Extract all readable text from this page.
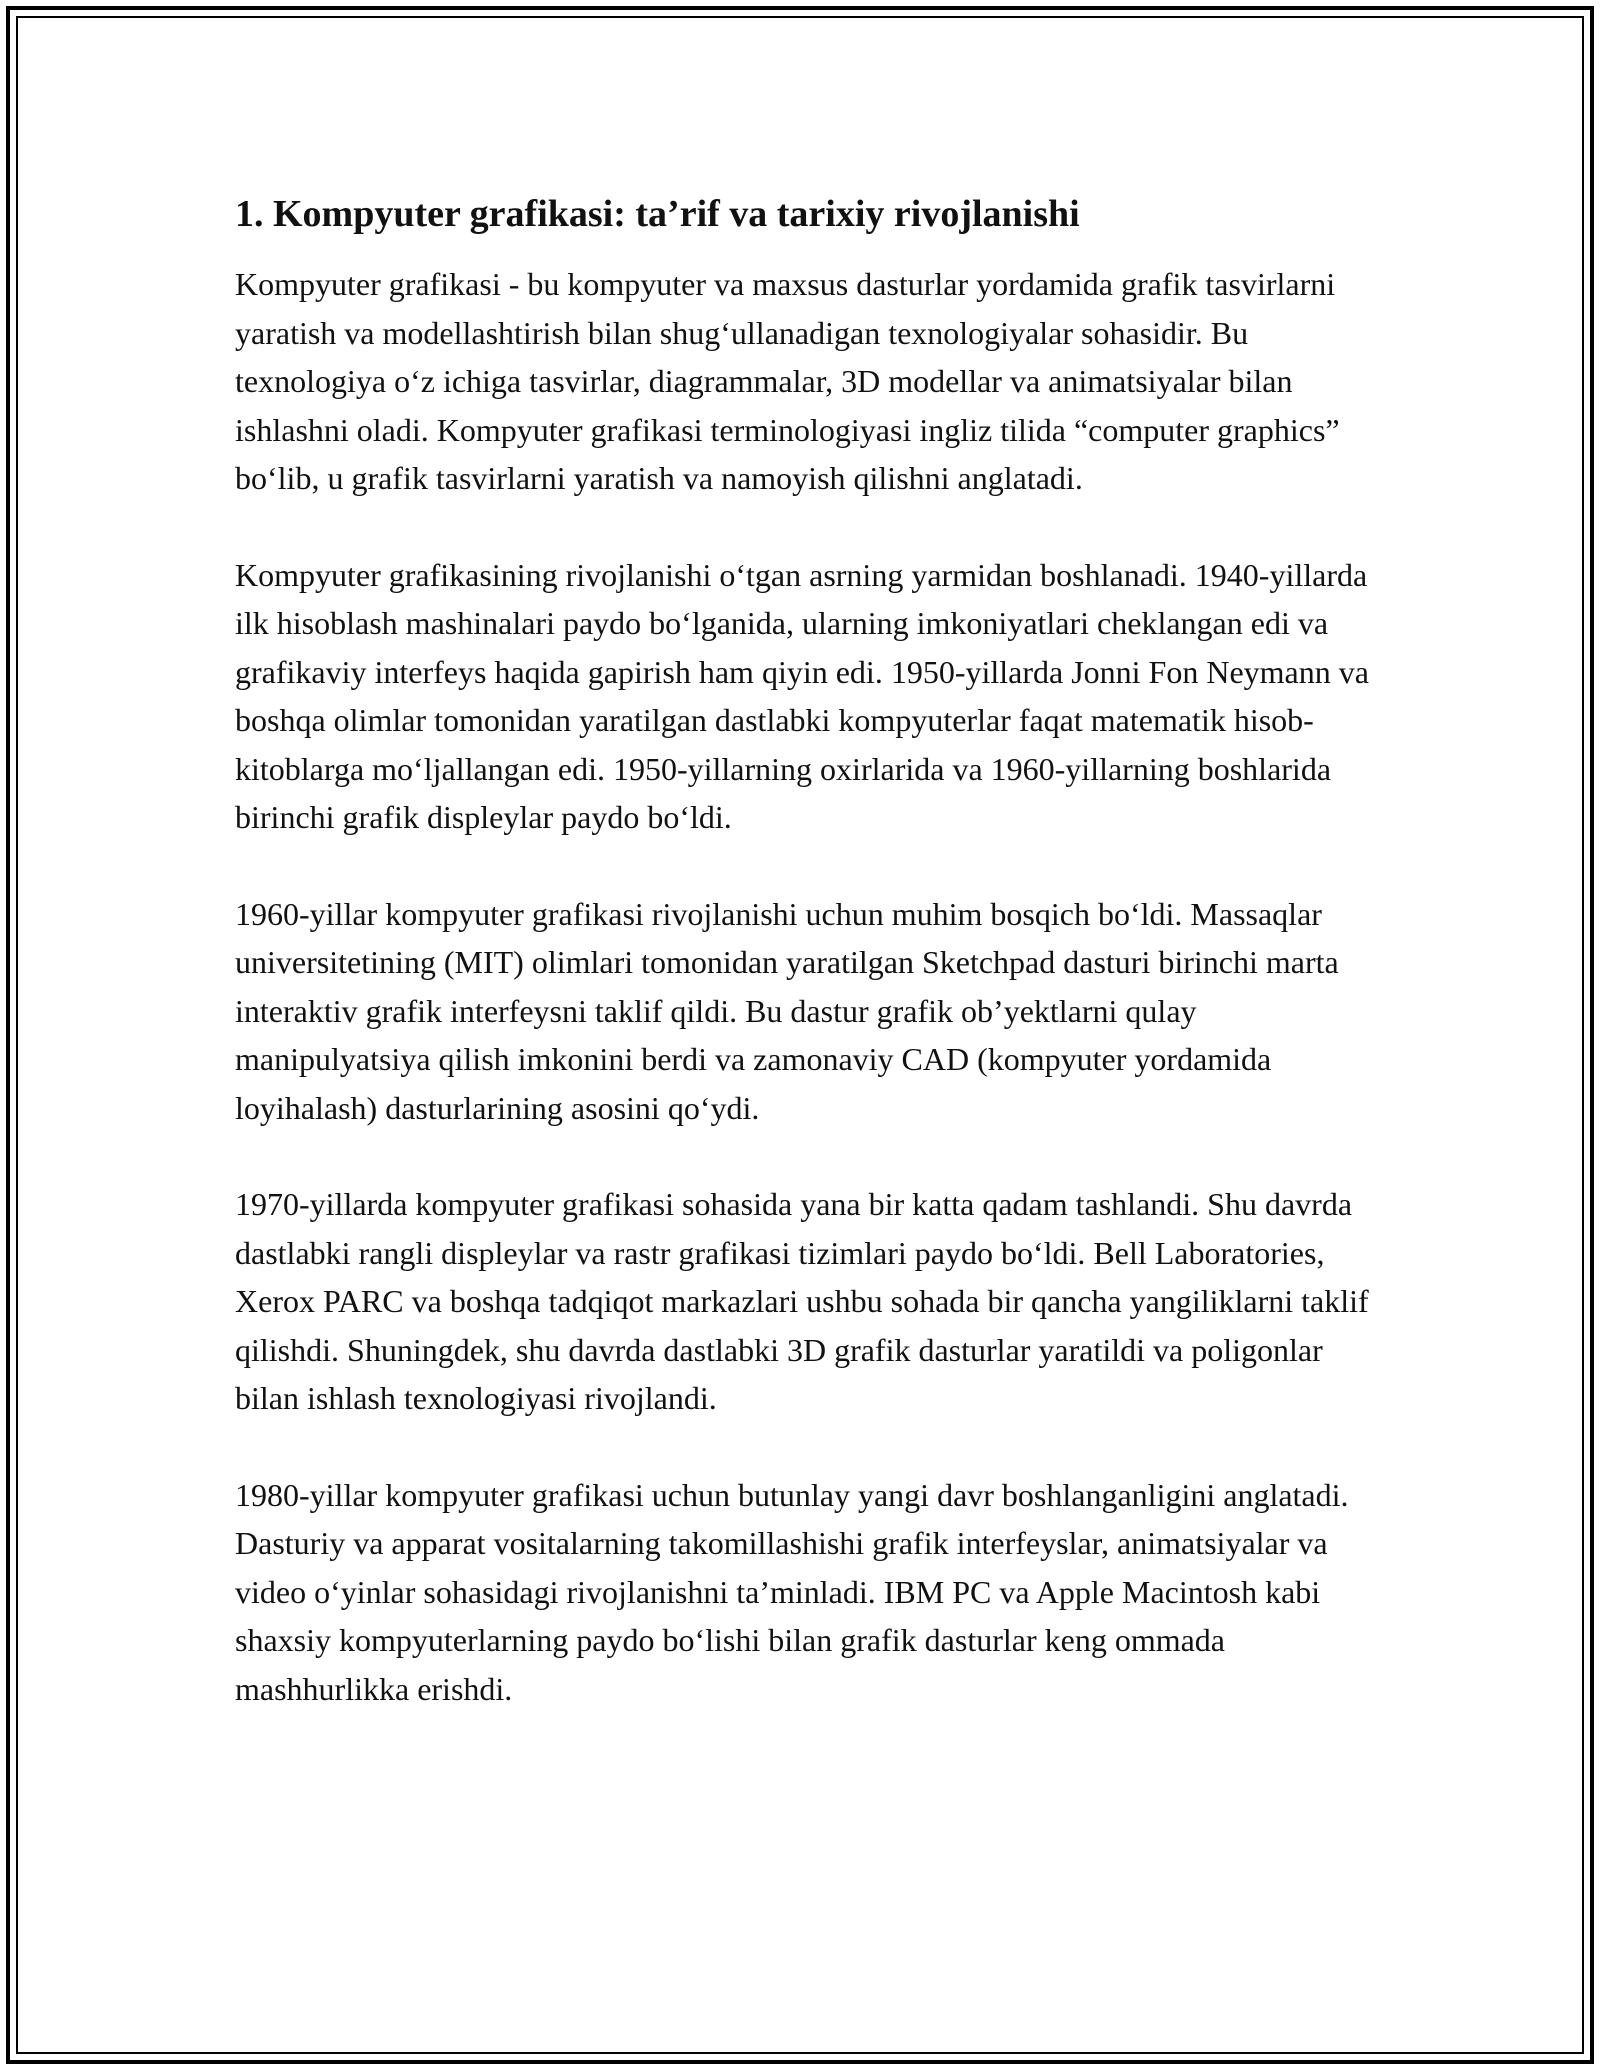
1. Kompyuter grafikasi: ta’rif va tarixiy rivojlanishi

Kompyuter grafikasi - bu kompyuter va maxsus dasturlar yordamida grafik tasvirlarni yaratish va modellashtirish bilan shug‘ullanadigan texnologiyalar sohasidir. Bu texnologiya o‘z ichiga tasvirlar, diagrammalar, 3D modellar va animatsiyalar bilan ishlashni oladi. Kompyuter grafikasi terminologiyasi ingliz tilida “computer graphics” bo‘lib, u grafik tasvirlarni yaratish va namoyish qilishni anglatadi.

Kompyuter grafikasining rivojlanishi o‘tgan asrning yarmidan boshlanadi. 1940-yillarda ilk hisoblash mashinalari paydo bo‘lganida, ularning imkoniyatlari cheklangan edi va grafikaviy interfeys haqida gapirish ham qiyin edi. 1950-yillarda Jonni Fon Neymann va boshqa olimlar tomonidan yaratilgan dastlabki kompyuterlar faqat matematik hisob-kitoblarga mo‘ljallangan edi. 1950-yillarning oxirlarida va 1960-yillarning boshlarida birinchi grafik displeylar paydo bo‘ldi.

1960-yillar kompyuter grafikasi rivojlanishi uchun muhim bosqich bo‘ldi. Massaqlar universitetining (MIT) olimlari tomonidan yaratilgan Sketchpad dasturi birinchi marta interaktiv grafik interfeysni taklif qildi. Bu dastur grafik ob’yektlarni qulay manipulyatsiya qilish imkonini berdi va zamonaviy CAD (kompyuter yordamida loyihalash) dasturlarining asosini qo‘ydi.

1970-yillarda kompyuter grafikasi sohasida yana bir katta qadam tashlandi. Shu davrda dastlabki rangli displeylar va rastr grafikasi tizimlari paydo bo‘ldi. Bell Laboratories, Xerox PARC va boshqa tadqiqot markazlari ushbu sohada bir qancha yangiliklarni taklif qilishdi. Shuningdek, shu davrda dastlabki 3D grafik dasturlar yaratildi va poligonlar bilan ishlash texnologiyasi rivojlandi.

1980-yillar kompyuter grafikasi uchun butunlay yangi davr boshlanganligini anglatadi. Dasturiy va apparat vositalarning takomillashishi grafik interfeyslar, animatsiyalar va video o‘yinlar sohasidagi rivojlanishni ta’minladi. IBM PC va Apple Macintosh kabi shaxsiy kompyuterlarning paydo bo‘lishi bilan grafik dasturlar keng ommada mashhurlikka erishdi.
